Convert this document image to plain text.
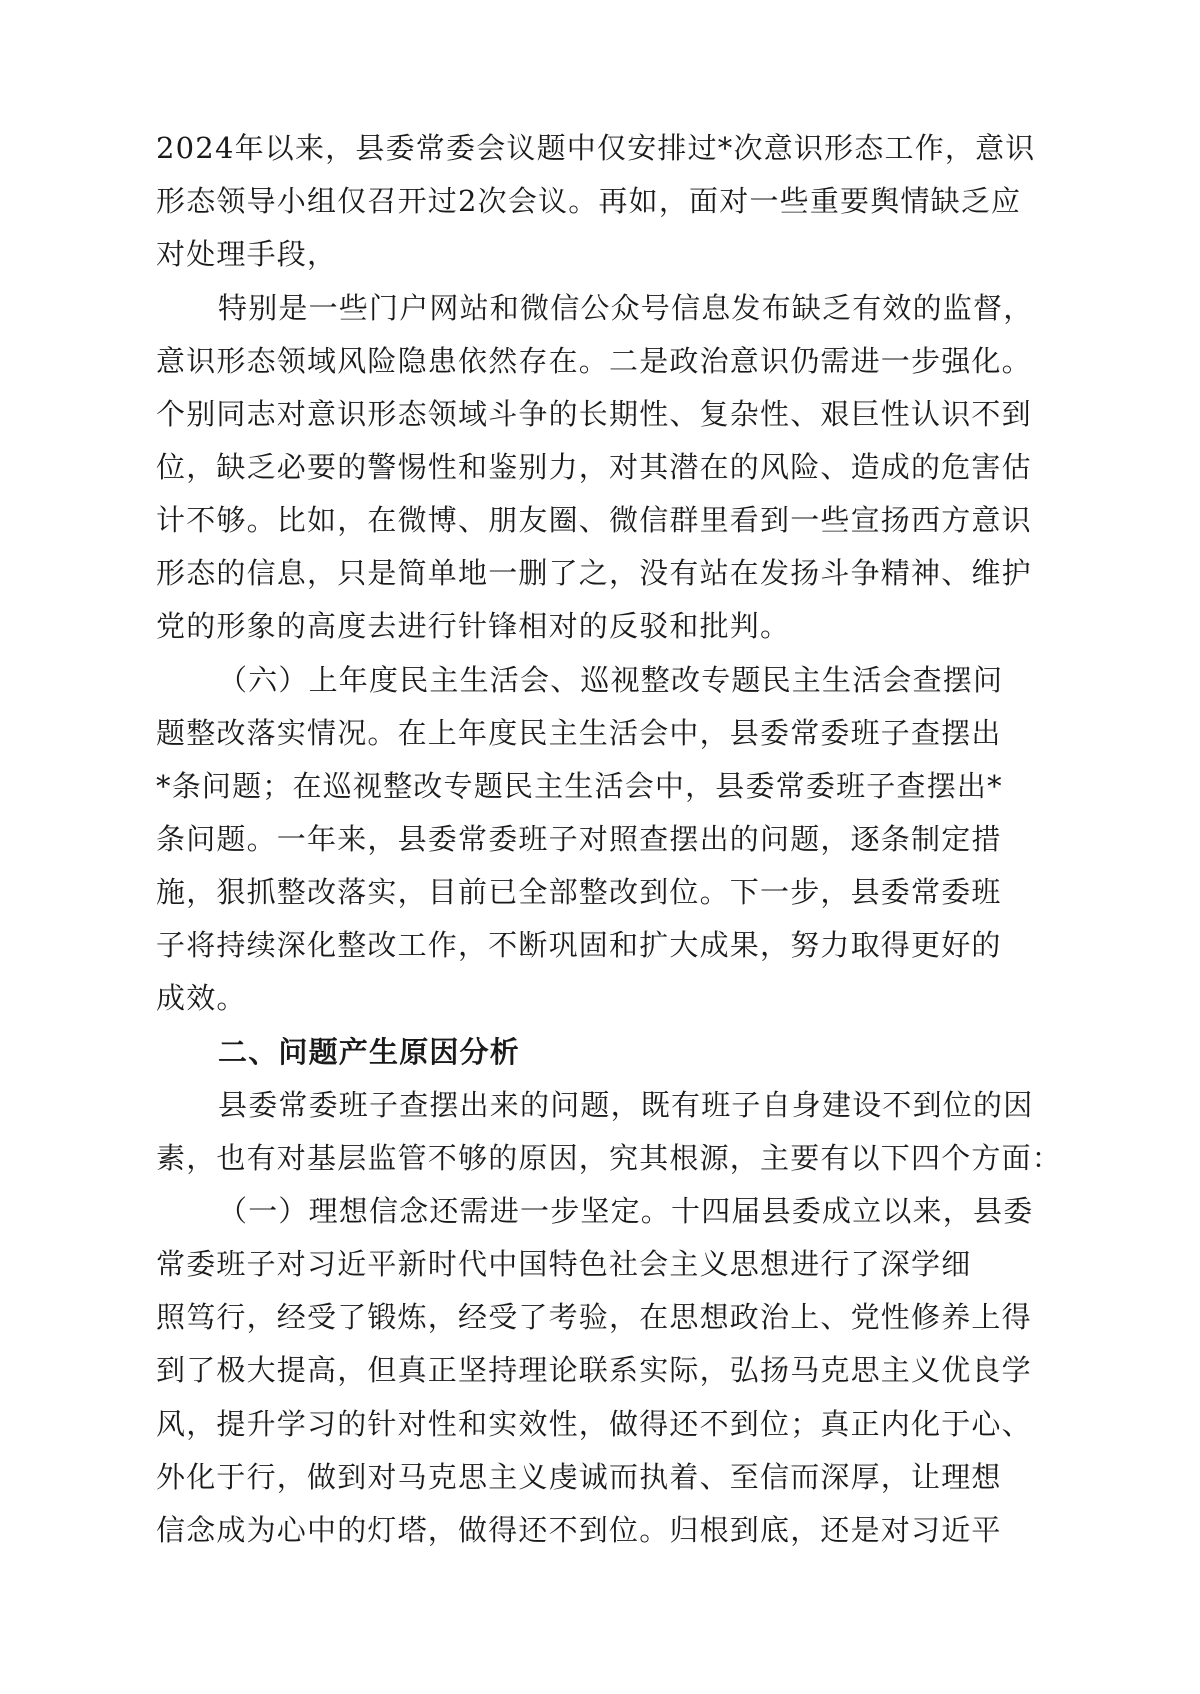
2024年以来，县委常委会议题中仅安排过*次意识形态工作，意识
形态领导小组仅召开过2次会议。再如，面对一些重要舆情缺乏应
对处理手段，
特别是一些门户网站和微信公众号信息发布缺乏有效的监督，
意识形态领域风险隐患依然存在。二是政治意识仍需进一步强化。
个别同志对意识形态领域斗争的长期性、复杂性、艰巨性认识不到
位，缺乏必要的警惕性和鉴别力，对其潜在的风险、造成的危害估
计不够。比如，在微博、朋友圈、微信群里看到一些宣扬西方意识
形态的信息，只是简单地一删了之，没有站在发扬斗争精神、维护
党的形象的高度去进行针锋相对的反驳和批判。
（六）上年度民主生活会、巡视整改专题民主生活会查摆问
题整改落实情况。在上年度民主生活会中，县委常委班子查摆出
*条问题；在巡视整改专题民主生活会中，县委常委班子查摆出*
条问题。一年来，县委常委班子对照查摆出的问题，逐条制定措
施，狠抓整改落实，目前已全部整改到位。下一步，县委常委班
子将持续深化整改工作，不断巩固和扩大成果，努力取得更好的
成效。
二、问题产生原因分析
县委常委班子查摆出来的问题，既有班子自身建设不到位的因
素，也有对基层监管不够的原因，究其根源，主要有以下四个方面：
（一）理想信念还需进一步坚定。十四届县委成立以来，县委
常委班子对习近平新时代中国特色社会主义思想进行了深学细
照笃行，经受了锻炼，经受了考验，在思想政治上、党性修养上得
到了极大提高，但真正坚持理论联系实际，弘扬马克思主义优良学
风，提升学习的针对性和实效性，做得还不到位；真正内化于心、
外化于行，做到对马克思主义虔诚而执着、至信而深厚，让理想
信念成为心中的灯塔，做得还不到位。归根到底，还是对习近平
